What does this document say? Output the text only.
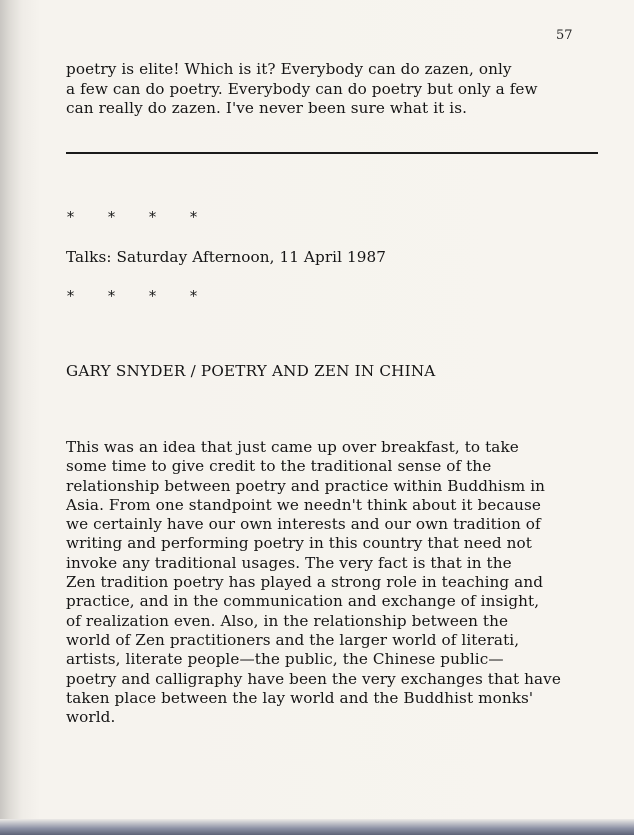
57

poetry is elite! Which is it? Everybody can do zazen, only
a few can do poetry. Everybody can do poetry but only a few
can really do zazen. I've never been sure what it is.

* * * *

Talks: Saturday Afternoon, 11 April 1987

* * * *

GARY SNYDER / POETRY AND ZEN IN CHINA

This was an idea that just came up over breakfast, to take
some time to give credit to the traditional sense of the
relationship between poetry and practice within Buddhism in
Asia. From one standpoint we needn't think about it because
we certainly have our own interests and our own tradition of
writing and performing poetry in this country that need not
invoke any traditional usages. The very fact is that in the
Zen tradition poetry has played a strong role in teaching and
practice, and in the communication and exchange of insight,
of realization even. Also, in the relationship between the
world of Zen practitioners and the larger world of literati,
artists, literate people—the public, the Chinese public—
poetry and calligraphy have been the very exchanges that have
taken place between the lay world and the Buddhist monks'
world.
